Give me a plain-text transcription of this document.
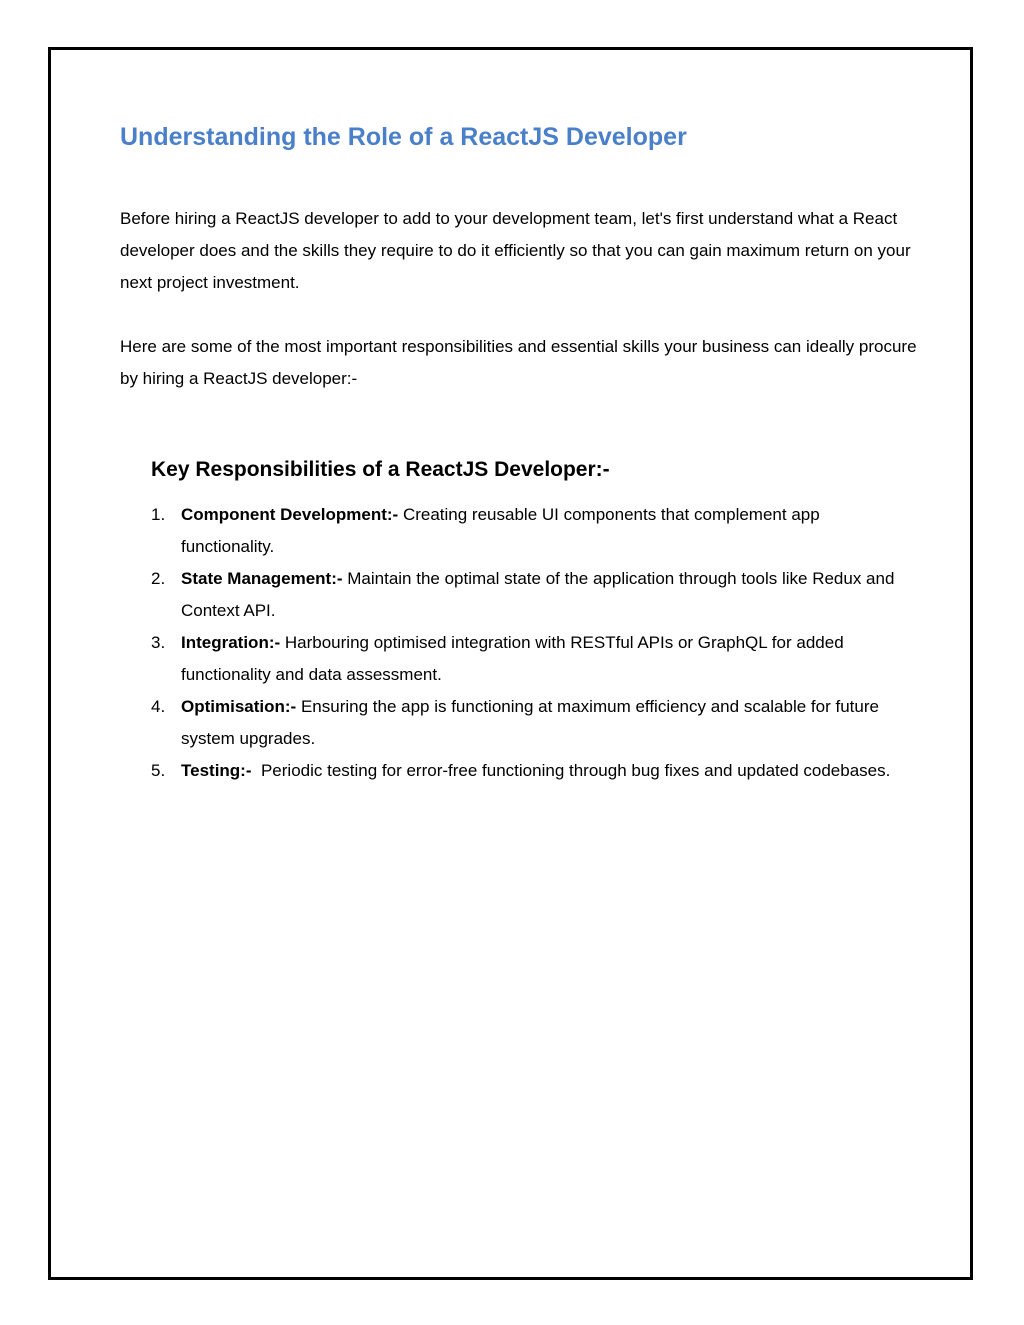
Understanding the Role of a ReactJS Developer

Before hiring a ReactJS developer to add to your development team, let's first understand what a React developer does and the skills they require to do it efficiently so that you can gain maximum return on your next project investment.

Here are some of the most important responsibilities and essential skills your business can ideally procure by hiring a ReactJS developer:-

Key Responsibilities of a ReactJS Developer:-
1. Component Development:- Creating reusable UI components that complement app functionality.
2. State Management:- Maintain the optimal state of the application through tools like Redux and Context API.
3. Integration:- Harbouring optimised integration with RESTful APIs or GraphQL for added functionality and data assessment.
4. Optimisation:- Ensuring the app is functioning at maximum efficiency and scalable for future system upgrades.
5. Testing:-  Periodic testing for error-free functioning through bug fixes and updated codebases.
